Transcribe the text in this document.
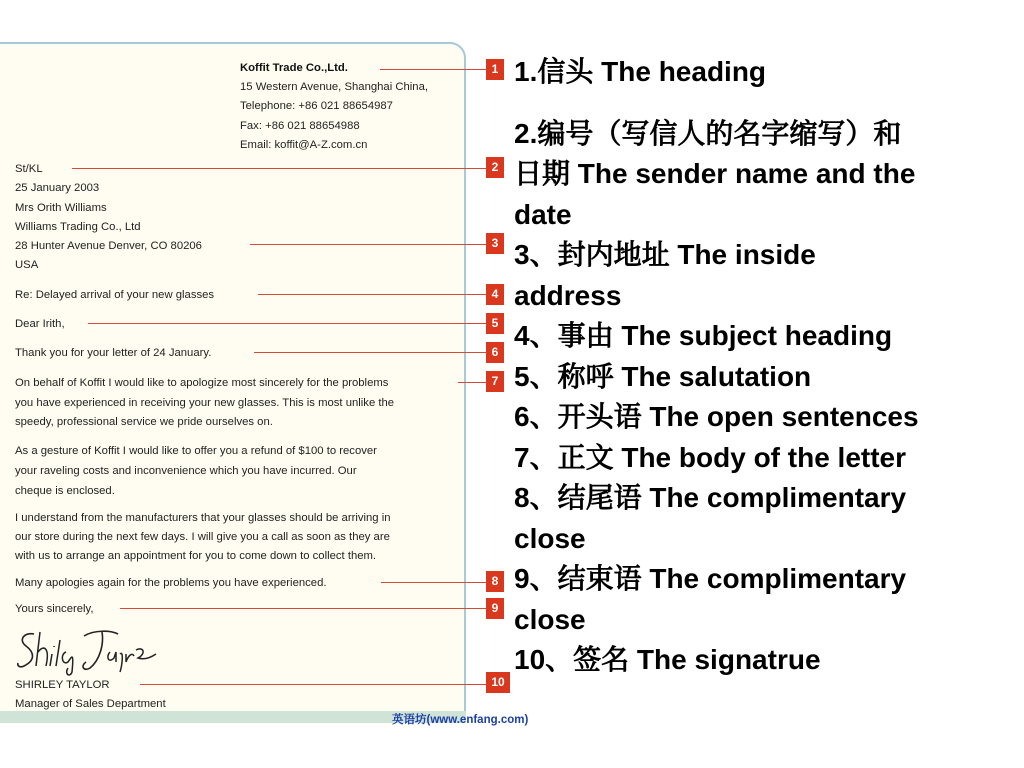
Koffit Trade Co.,Ltd.
15 Western Avenue, Shanghai China,
Telephone: +86 021 88654987
Fax: +86 021 88654988
Email: koffit@A-Z.com.cn
St/KL
25 January 2003
Mrs Orith Williams
Williams Trading Co., Ltd
28 Hunter Avenue Denver, CO 80206
USA
Re: Delayed arrival of your new glasses
Dear Irith,
Thank you for your letter of 24 January.
On behalf of Koffit I would like to apologize most sincerely for the problems
you have experienced in receiving your new glasses. This is most unlike the
speedy, professional service we pride ourselves on.
As a gesture of Koffit I would like to offer you a refund of $100 to recover
your raveling costs and inconvenience which you have incurred. Our
cheque is enclosed.
I understand from the manufacturers that your glasses should be arriving in
our store during the next few days. I will give you a call as soon as they are
with us to arrange an appointment for you to come down to collect them.
Many apologies again for the problems you have experienced.
Yours sincerely,
SHIRLEY TAYLOR
Manager of Sales Department
1
2
3
4
5
6
7
8
9
10
1.信头 The heading
2.编号（写信人的名字缩写）和
日期 The sender name and the
date
3、封内地址 The inside
address
4、事由 The subject heading
5、称呼 The salutation
6、开头语 The open sentences
7、正文 The body of the letter
8、结尾语 The complimentary
close
9、结束语 The complimentary
close
10、签名 The signatrue
英语坊(www.enfang.com)
